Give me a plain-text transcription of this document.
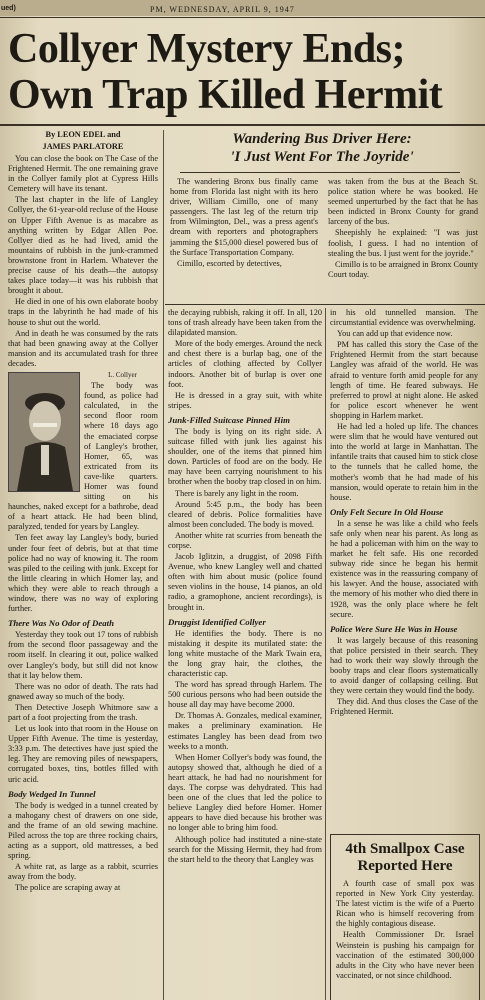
ued)	PM, WEDNESDAY, APRIL 9, 1947
Collyer Mystery Ends; Own Trap Killed Hermit
By LEON EDEL and
JAMES PARLATORE

You can close the book on The Case of the Frightened Hermit. The one remaining grave in the Collyer family plot at Cypress Hills Cemetery will have its tenant.

The last chapter in the life of Langley Collyer, the 61-year-old recluse of the House on Upper Fifth Avenue is as macabre as anything written by Edgar Allen Poe. Collyer died as he had lived, amid the mountains of rubbish in the junk-crammed brownstone front in Harlem. Whatever the precise cause of his death—the autopsy takes place today—it was his rubbish that brought it about.

He died in one of his own elaborate booby traps in the labyrinth he had made of his house to shut out the world.

And in death he was consumed by the rats that had been gnawing away at the Collyer mansion and its accumulated trash for three decades.

L. Collyer

The body was found, as police had calculated, in the second floor room where 18 days ago the emaciated corpse of Langley's brother, Homer, 65, was extricated from its cave-like quarters. Homer was found sitting on his haunches, naked except for a bathrobe, dead of a heart attack. He had been blind, paralyzed, tended for years by Langley.

Ten feet away lay Langley's body, buried under four feet of debris, but at that time police had no way of knowing it. The room was piled to the ceiling with junk. Except for the little clearing in which Homer lay, and which they were able to reach through a window, there was no way of exploring further.

There Was No Odor of Death

Yesterday they took out 17 tons of rubbish from the second floor passageway and the room itself. In clearing it out, police walked over Langley's body, but still did not know that it lay below them.

There was no odor of death. The rats had gnawed away so much of the body.

Then Detective Joseph Whitmore saw a part of a foot projecting from the trash.

Let us look into that room in the House on Upper Fifth Avenue. The time is yesterday, 3:33 p.m. The detectives have just spied the leg. They are removing piles of newspapers, corrugated boxes, tins, bottles filled with uric acid.

Body Wedged In Tunnel

The body is wedged in a tunnel created by a mahogany chest of drawers on one side, and the frame of an old sewing machine. Piled across the top are three rocking chairs, acting as a support, old mattresses, a bed spring.

A white rat, as large as a rabbit, scurries away from the body.

The police are scraping away at

Wandering Bus Driver Here:
'I Just Went For The Joyride'

The wandering Bronx bus finally came home from Florida last night with its hero driver, William Cimillo, one of many passengers. The last leg of the return trip from Wilmington, Del., was a press agent's dream with reporters and photographers jamming the $15,000 diesel powered bus of the Surface Transportation Company.

Cimillo, escorted by detectives,

was taken from the bus at the Beach St. police station where he was booked. He seemed unperturbed by the fact that he has been indicted in Bronx County for grand larceny of the bus.

Sheepishly he explained: "I was just foolish, I guess. I had no intention of stealing the bus. I just went for the joyride."

Cimillo is to be arraigned in Bronx County Court today.

the decaying rubbish, raking it off. In all, 120 tons of trash already have been taken from the dilapidated mansion.

More of the body emerges. Around the neck and chest there is a burlap bag, one of the articles of clothing affected by Collyer indoors. Another bit of burlap is over one foot.

He is dressed in a gray suit, with white stripes.

Junk-Filled Suitcase Pinned Him

The body is lying on its right side. A suitcase filled with junk lies against his shoulder, one of the items that pinned him down. Particles of food are on the body. He may have been carrying nourishment to his brother when the booby trap closed in on him.

There is barely any light in the room.

Around 5:45 p.m., the body has been cleared of debris. Police formalities have almost been concluded. The body is moved.

Another white rat scurries from beneath the corpse.

Jacob Iglitzin, a druggist, of 2098 Fifth Avenue, who knew Langley well and chatted often with him about music (police found seven violins in the house, 14 pianos, an old radio, a gramophone, ancient recordings), is brought in.

Druggist Identified Collyer

He identifies the body. There is no mistaking it despite its mutilated state: the long white mustache of the Mark Twain era, the long gray hair, the clothes, the characteristic cap.

The word has spread through Harlem. The 500 curious persons who had been outside the house all day may have become 2000.

Dr. Thomas A. Gonzales, medical examiner, makes a preliminary examination. He estimates Langley has been dead from two weeks to a month.

When Homer Collyer's body was found, the autopsy showed that, although he died of a heart attack, he had had no nourishment for days. The corpse was dehydrated. This had been one of the clues that led the police to believe Langley died before Homer. Homer appears to have died because his brother was no longer able to bring him food.

Although police had instituted a nine-state search for the Missing Hermit, they had from the start held to the theory that Langley was

in his old tunnelled mansion. The circumstantial evidence was overwhelming.

You can add up that evidence now.

PM has called this story the Case of the Frightened Hermit from the start because Langley was afraid of the world. He was afraid to venture forth amid people for any length of time. He feared subways. He preferred to prowl at night alone. He asked for police escort whenever he went shopping in Harlem market.

He had led a holed up life. The chances were slim that he would have ventured out into the world at large in Manhattan. The infantile traits that caused him to stick close to the tunnels that he called home, the mother's womb that he had made of his mansion, would operate to retain him in the house.

Only Felt Secure In Old House

In a sense he was like a child who feels safe only when near his parent. As long as he had a policeman with him on the way to market he felt safe. His one recorded subway ride since he began his hermit existence was in the reassuring company of his lawyer. And the house, associated with the memory of his mother who died there in 1928, was the only place where he felt secure.

Police Were Sure He Was in House

It was largely because of this reasoning that police persisted in their search. They had to work their way slowly through the booby traps and clear floors systematically to avoid danger of collapsing ceiling. But they were certain they would find the body.

They did. And thus closes the Case of the Frightened Hermit.

4th Smallpox Case Reported Here

A fourth case of small pox was reported in New York City yesterday. The latest victim is the wife of a Puerto Rican who is himself recovering from the highly contagious disease.

Health Commissioner Dr. Israel Weinstein is pushing his campaign for vaccination of the estimated 300,000 adults in the City who have never been vaccinated, or not since childhood.
